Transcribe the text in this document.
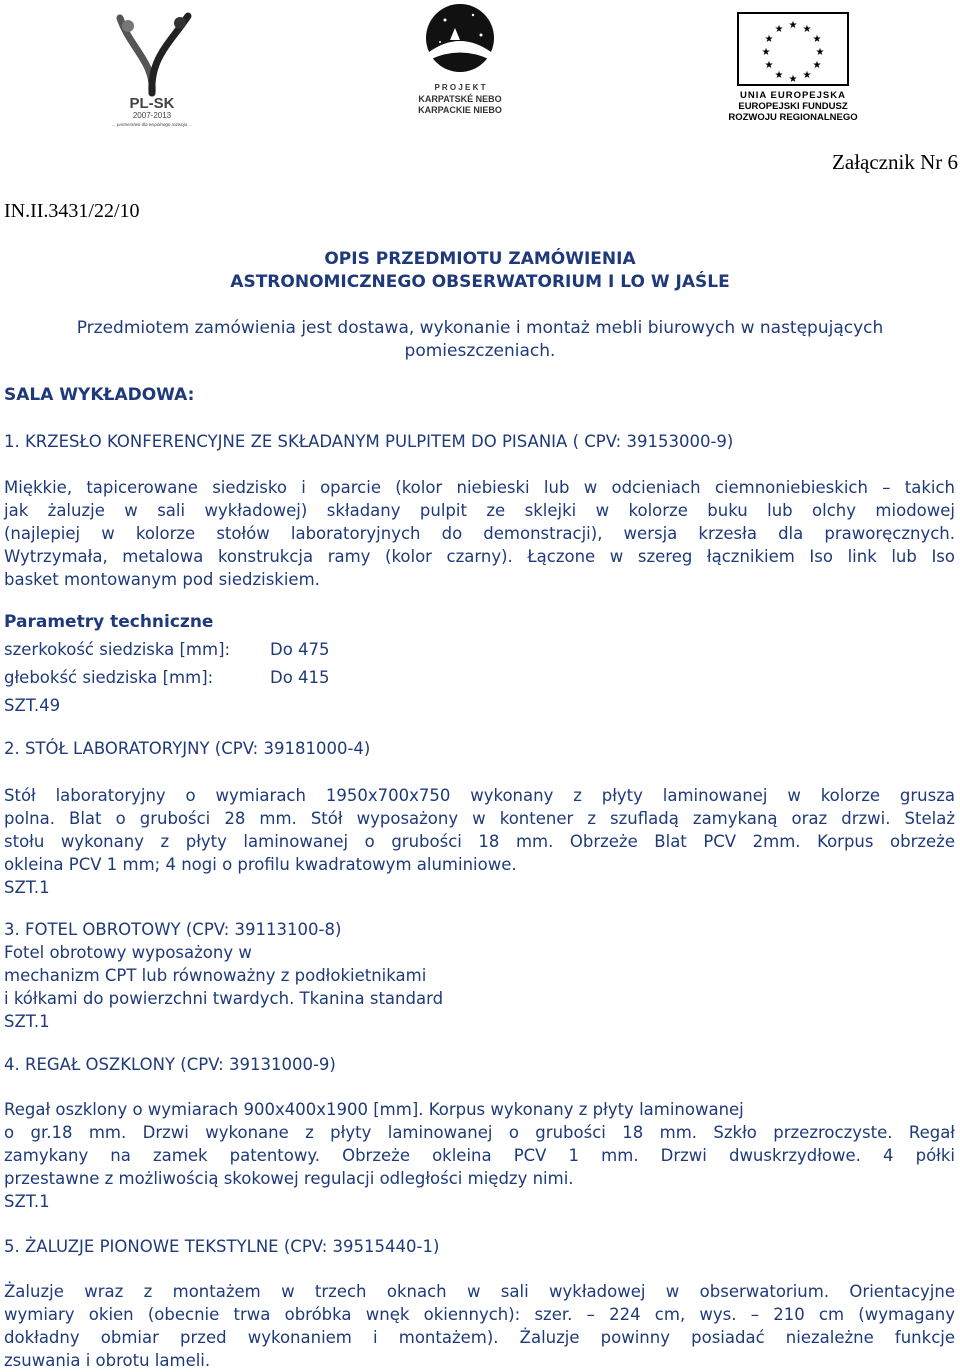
PL-SK
2007-2013
... partnerstwo dla wspólnego rozwoju ...
P R O J E K T
KARPATSKÉ NEBO
KARPACKIE NIEBO
★ ★
★
★
★
★
★
★
★
★
★
★
UNIA EUROPEJSKA
EUROPEJSKI FUNDUSZ
ROZWOJU REGIONALNEGO
Załącznik Nr 6
IN.II.3431/22/10
OPIS PRZEDMIOTU ZAMÓWIENIA
ASTRONOMICZNEGO OBSERWATORIUM I LO W JAŚLE
Przedmiotem zamówienia jest dostawa, wykonanie i montaż mebli biurowych w następujących
pomieszczeniach.
SALA WYKŁADOWA:
1. KRZESŁO KONFERENCYJNE ZE SKŁADANYM PULPITEM DO PISANIA ( CPV: 39153000-9)
Miękkie, tapicerowane siedzisko i oparcie (kolor niebieski lub w odcieniach ciemnoniebieskich – takich
jak żaluzje w sali wykładowej) składany pulpit ze sklejki w kolorze buku lub olchy miodowej
(najlepiej w kolorze stołów laboratoryjnych do demonstracji), wersja krzesła dla praworęcznych.
Wytrzymała, metalowa konstrukcja ramy (kolor czarny). Łączone w szereg łącznikiem Iso link lub Iso
basket montowanym pod siedziskiem.
Parametry techniczne
szerkokość siedziska [mm]: Do 475
głebokść siedziska [mm]:	Do 415
SZT.49
2. STÓŁ LABORATORYJNY (CPV: 39181000-4)
Stół laboratoryjny o wymiarach 1950x700x750 wykonany z płyty laminowanej w kolorze grusza
polna. Blat o grubości 28 mm. Stół wyposażony w kontener z szufladą zamykaną oraz drzwi. Stelaż
stołu wykonany z płyty laminowanej o grubości 18 mm. Obrzeże Blat PCV 2mm. Korpus obrzeże
okleina PCV 1 mm; 4 nogi o profilu kwadratowym aluminiowe.
SZT.1
3. FOTEL OBROTOWY (CPV: 39113100-8)
Fotel obrotowy wyposażony w
mechanizm CPT lub równoważny z podłokietnikami
i kółkami do powierzchni twardych. Tkanina standard
SZT.1
4. REGAŁ OSZKLONY (CPV: 39131000-9)
Regał oszklony o wymiarach 900x400x1900 [mm]. Korpus wykonany z płyty laminowanej
o gr.18 mm. Drzwi wykonane z płyty laminowanej o grubości 18 mm. Szkło przezroczyste. Regał
zamykany na zamek patentowy. Obrzeże okleina PCV 1 mm. Drzwi dwuskrzydłowe. 4 półki
przestawne z możliwością skokowej regulacji odległości między nimi.
SZT.1
5. ŻALUZJE PIONOWE TEKSTYLNE (CPV: 39515440-1)
Żaluzje wraz z montażem w trzech oknach w sali wykładowej w obserwatorium. Orientacyjne
wymiary okien (obecnie trwa obróbka wnęk okiennych): szer. – 224 cm, wys. – 210 cm (wymagany
dokładny obmiar przed wykonaniem i montażem). Żaluzje powinny posiadać niezależne funkcje
zsuwania i obrotu lameli.
